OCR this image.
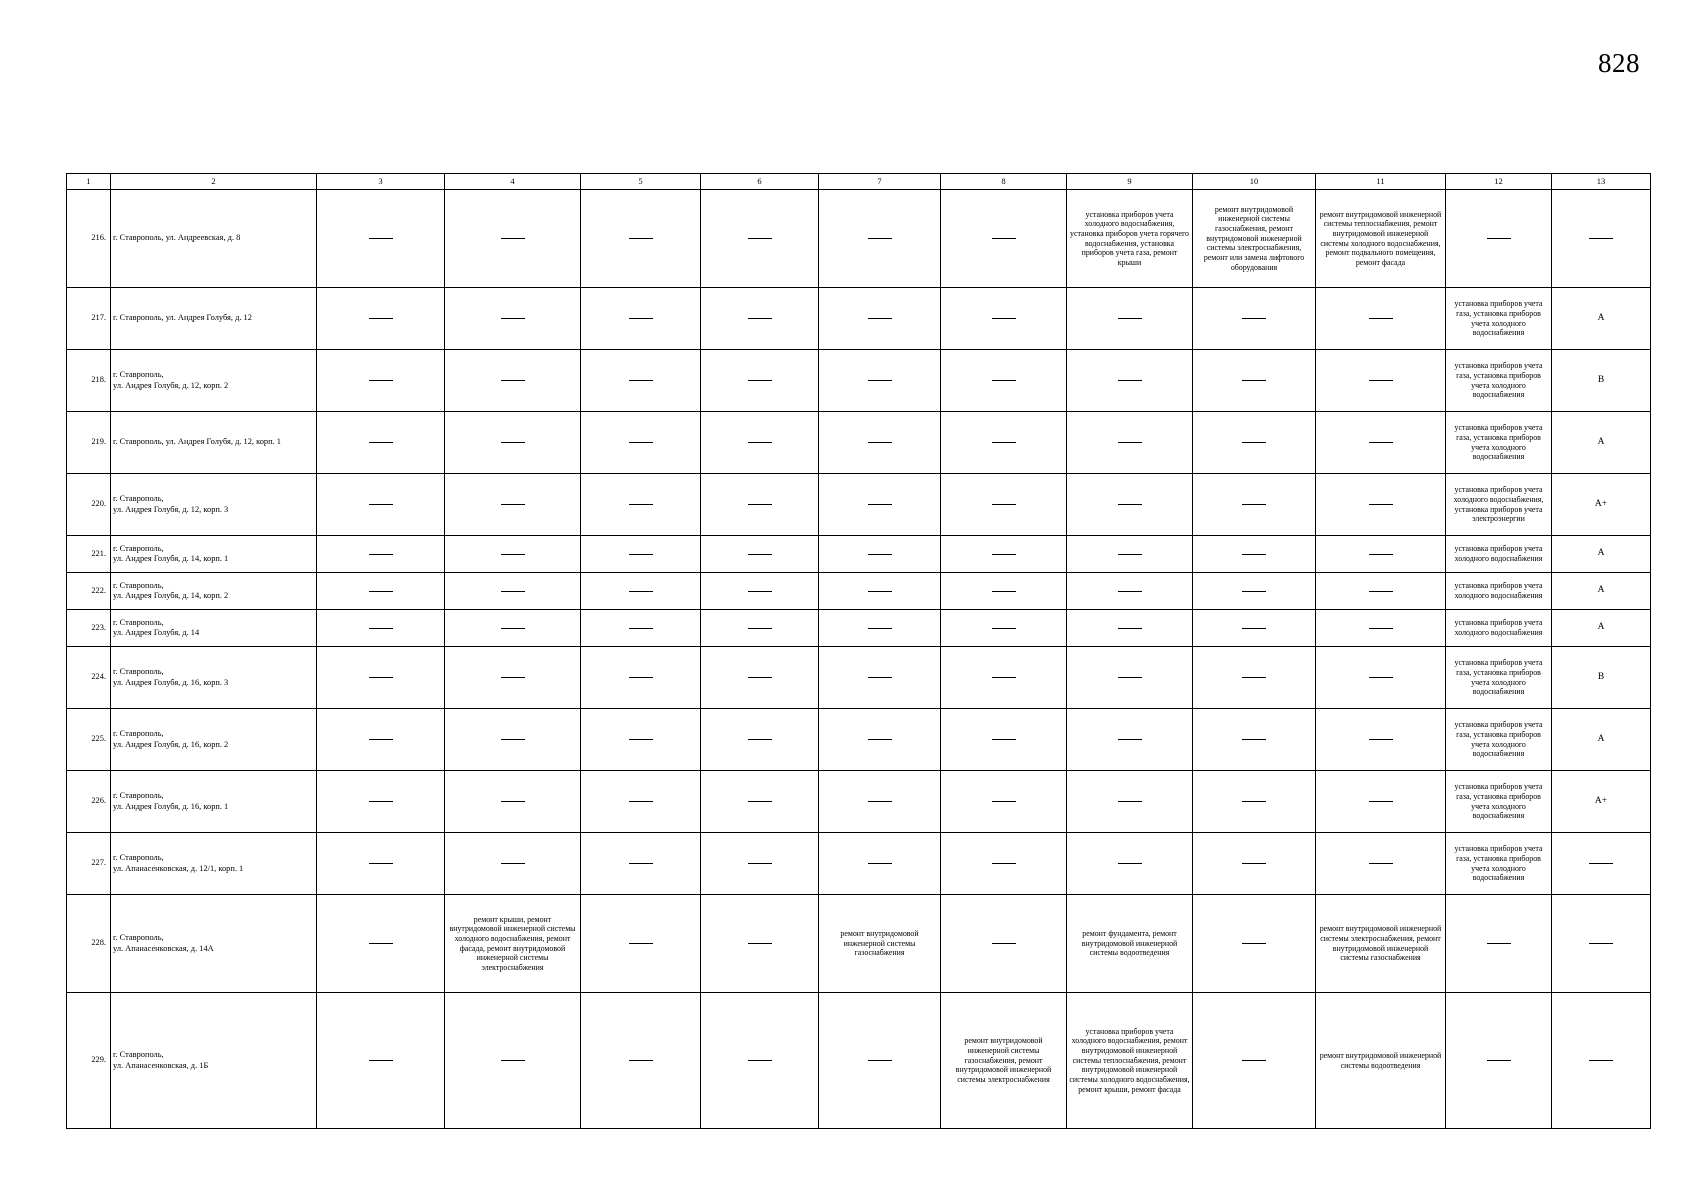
828
1	2	3	4	5	6	7	8	9	10	11	12	13
216.	г. Ставрополь, ул. Андреевская, д. 8							установка приборов учета холодного водоснабжения, установка приборов учета горячего водоснабжения, установка приборов учета газа, ремонт крыши	ремонт внутридомовой инженерной системы газоснабжения, ремонт внутридомовой инженерной системы электроснабжения, ремонт или замена лифтового оборудования	ремонт внутридомовой инженерной системы теплоснабжения, ремонт внутридомовой инженерной системы холодного водоснабжения, ремонт подвального помещения, ремонт фасада		
217.	г. Ставрополь, ул. Андрея Голубя, д. 12										установка приборов учета газа, установка приборов учета холодного водоснабжения	A
218.	г. Ставрополь,
ул. Андрея Голубя, д. 12, корп. 2										установка приборов учета газа, установка приборов учета холодного водоснабжения	B
219.	г. Ставрополь, ул. Андрея Голубя, д. 12, корп. 1										установка приборов учета газа, установка приборов учета холодного водоснабжения	A
220.	г. Ставрополь,
ул. Андрея Голубя, д. 12, корп. 3										установка приборов учета холодного водоснабжения, установка приборов учета электроэнергии	A+
221.	г. Ставрополь,
ул. Андрея Голубя, д. 14, корп. 1										установка приборов учета холодного водоснабжения	A
222.	г. Ставрополь,
ул. Андрея Голубя, д. 14, корп. 2										установка приборов учета холодного водоснабжения	A
223.	г. Ставрополь,
ул. Андрея Голубя, д. 14										установка приборов учета холодного водоснабжения	A
224.	г. Ставрополь,
ул. Андрея Голубя, д. 16, корп. 3										установка приборов учета газа, установка приборов учета холодного водоснабжения	B
225.	г. Ставрополь,
ул. Андрея Голубя, д. 16, корп. 2										установка приборов учета газа, установка приборов учета холодного водоснабжения	A
226.	г. Ставрополь,
ул. Андрея Голубя, д. 16, корп. 1										установка приборов учета газа, установка приборов учета холодного водоснабжения	A+
227.	г. Ставрополь,
ул. Апанасенковская, д. 12/1, корп. 1										установка приборов учета газа, установка приборов учета холодного водоснабжения	
228.	г. Ставрополь,
ул. Апанасенковская, д. 14А		ремонт крыши, ремонт внутридомовой инженерной системы холодного водоснабжения, ремонт фасада, ремонт внутридомовой инженерной системы электроснабжения			ремонт внутридомовой инженерной системы газоснабжения		ремонт фундамента, ремонт внутридомовой инженерной системы водоотведения		ремонт внутридомовой инженерной системы электроснабжения, ремонт внутридомовой инженерной системы газоснабжения		
229.	г. Ставрополь,
ул. Апанасенковская, д. 1Б						ремонт внутридомовой инженерной системы газоснабжения, ремонт внутридомовой инженерной системы электроснабжения	установка приборов учета холодного водоснабжения, ремонт внутридомовой инженерной системы теплоснабжения, ремонт внутридомовой инженерной системы холодного водоснабжения, ремонт крыши, ремонт фасада		ремонт внутридомовой инженерной системы водоотведения		
